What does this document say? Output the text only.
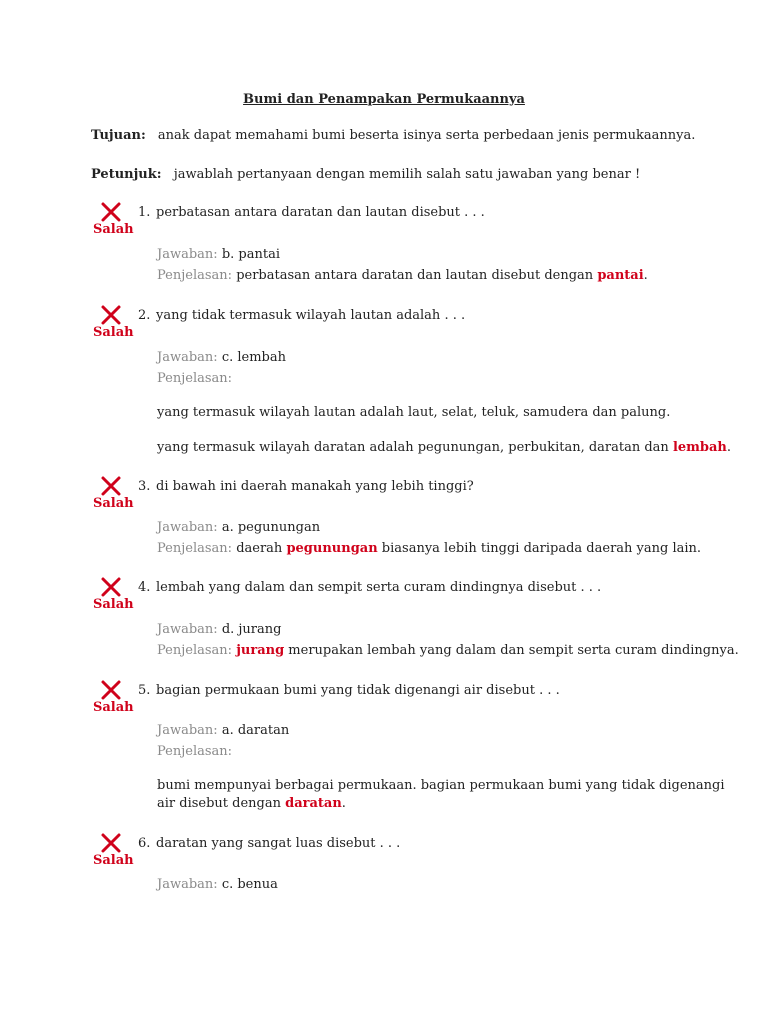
Bumi dan Penampakan Permukaannya
Tujuan: anak dapat memahami bumi beserta isinya serta perbedaan jenis permukaannya.
Petunjuk: jawablah pertanyaan dengan memilih salah satu jawaban yang benar !
Salah
1. perbatasan antara daratan dan lautan disebut . . .
Jawaban: b. pantai
Penjelasan: perbatasan antara daratan dan lautan disebut dengan pantai.
Salah
2. yang tidak termasuk wilayah lautan adalah . . .
Jawaban: c. lembah
Penjelasan:
yang termasuk wilayah lautan adalah laut, selat, teluk, samudera dan palung.
yang termasuk wilayah daratan adalah pegunungan, perbukitan, daratan dan lembah.
Salah
3. di bawah ini daerah manakah yang lebih tinggi?
Jawaban: a. pegunungan
Penjelasan: daerah pegunungan biasanya lebih tinggi daripada daerah yang lain.
Salah
4. lembah yang dalam dan sempit serta curam dindingnya disebut . . .
Jawaban: d. jurang
Penjelasan: jurang merupakan lembah yang dalam dan sempit serta curam dindingnya.
Salah
5. bagian permukaan bumi yang tidak digenangi air disebut . . .
Jawaban: a. daratan
Penjelasan:
bumi mempunyai berbagai permukaan. bagian permukaan bumi yang tidak digenangi
air disebut dengan daratan.
Salah
6. daratan yang sangat luas disebut . . .
Jawaban: c. benua
